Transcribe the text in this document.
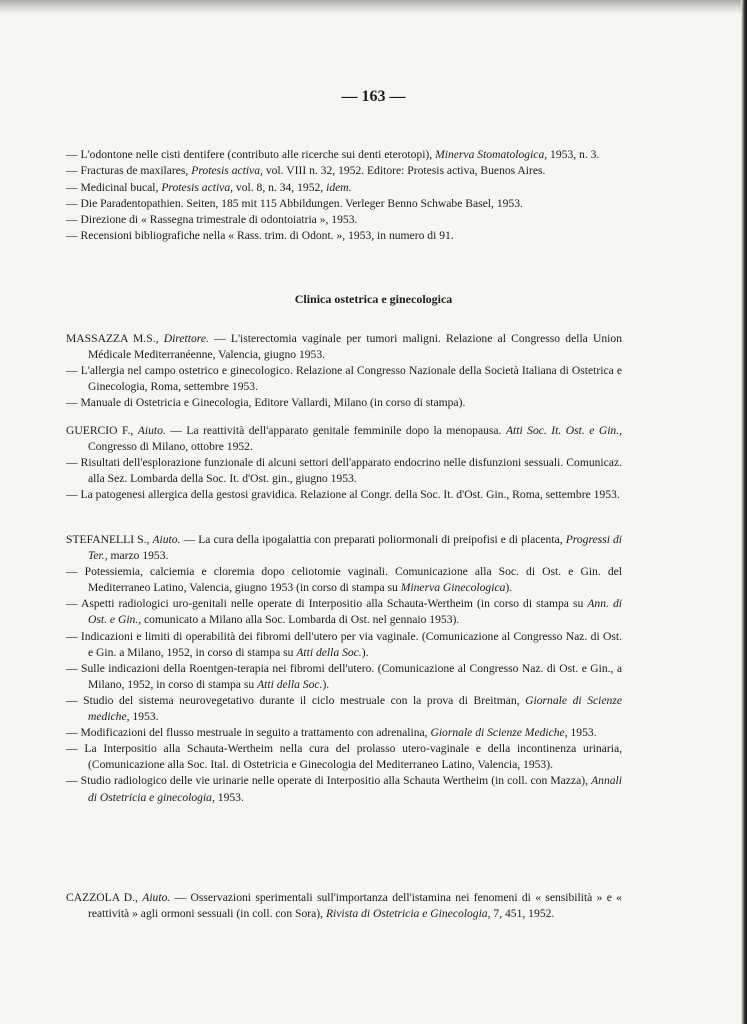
— 163 —

— L'odontone nelle cisti dentifere (contributo alle ricerche sui denti eterotopi), Minerva Stomatologica, 1953, n. 3.

— Fracturas de maxilares, Protesis activa, vol. VIII n. 32, 1952. Editore: Protesis activa, Buenos Aires.

— Medicinal bucal, Protesis activa, vol. 8, n. 34, 1952, idem.

— Die Paradentopathien. Seiten, 185 mit 115 Abbildungen. Verleger Benno Schwabe Basel, 1953.

— Direzione di « Rassegna trimestrale di odontoiatria », 1953.

— Recensioni bibliografiche nella « Rass. trim. di Odont. », 1953, in numero di 91.

Clinica ostetrica e ginecologica

MASSAZZA M.S., Direttore. — L'isterectomia vaginale per tumori maligni. Relazione al Congresso della Union Médicale Mediterranéenne, Valencia, giugno 1953.

— L'allergia nel campo ostetrico e ginecologico. Relazione al Congresso Nazionale della Società Italiana di Ostetrica e Ginecologia, Roma, settembre 1953.

— Manuale di Ostetricia e Ginecologia, Editore Vallardi, Milano (in corso di stampa).

GUERCIO F., Aiuto. — La reattività dell'apparato genitale femminile dopo la menopausa. Atti Soc. It. Ost. e Gin., Congresso di Milano, ottobre 1952.

— Risultati dell'esplorazione funzionale di alcuni settori dell'apparato endocrino nelle disfunzioni sessuali. Comunicaz. alla Sez. Lombarda della Soc. It. d'Ost. gin., giugno 1953.

— La patogenesi allergica della gestosi gravidica. Relazione al Congr. della Soc. It. d'Ost. Gin., Roma, settembre 1953.

STEFANELLI S., Aiuto. — La cura della ipogalattia con preparati poliormonali di preipofisi e di placenta, Progressi di Ter., marzo 1953.

— Potessiemia, calciemia e cloremia dopo celiotomie vaginali. Comunicazione alla Soc. di Ost. e Gin. del Mediterraneo Latino, Valencia, giugno 1953 (in corso di stampa su Minerva Ginecologica).

— Aspetti radiologici uro-genitali nelle operate di Interpositio alla Schauta-Wertheim (in corso di stampa su Ann. di Ost. e Gin., comunicato a Milano alla Soc. Lombarda di Ost. nel gennaio 1953).

— Indicazioni e limiti di operabilità dei fibromi dell'utero per via vaginale. (Comunicazione al Congresso Naz. di Ost. e Gin. a Milano, 1952, in corso di stampa su Atti della Soc.).

— Sulle indicazioni della Roentgen-terapia nei fibromi dell'utero. (Comunicazione al Congresso Naz. di Ost. e Gin., a Milano, 1952, in corso di stampa su Atti della Soc.).

— Studio del sistema neurovegetativo durante il ciclo mestruale con la prova di Breitman, Giornale di Scienze mediche, 1953.

— Modificazioni del flusso mestruale in seguito a trattamento con adrenalina, Giornale di Scienze Mediche, 1953.

— La Interpositio alla Schauta-Wertheim nella cura del prolasso utero-vaginale e della incontinenza urinaria, (Comunicazione alla Soc. Ital. di Ostetricia e Ginecologia del Mediterraneo Latino, Valencia, 1953).

— Studio radiologico delle vie urinarie nelle operate di Interpositio alla Schauta Wertheim (in coll. con Mazza), Annali di Ostetricia e ginecologia, 1953.

CAZZOLA D., Aiuto. — Osservazioni sperimentali sull'importanza dell'istamina nei fenomeni di « sensibilità » e « reattività » agli ormoni sessuali (in coll. con Sora), Rivista di Ostetricia e Ginecologia, 7, 451, 1952.
